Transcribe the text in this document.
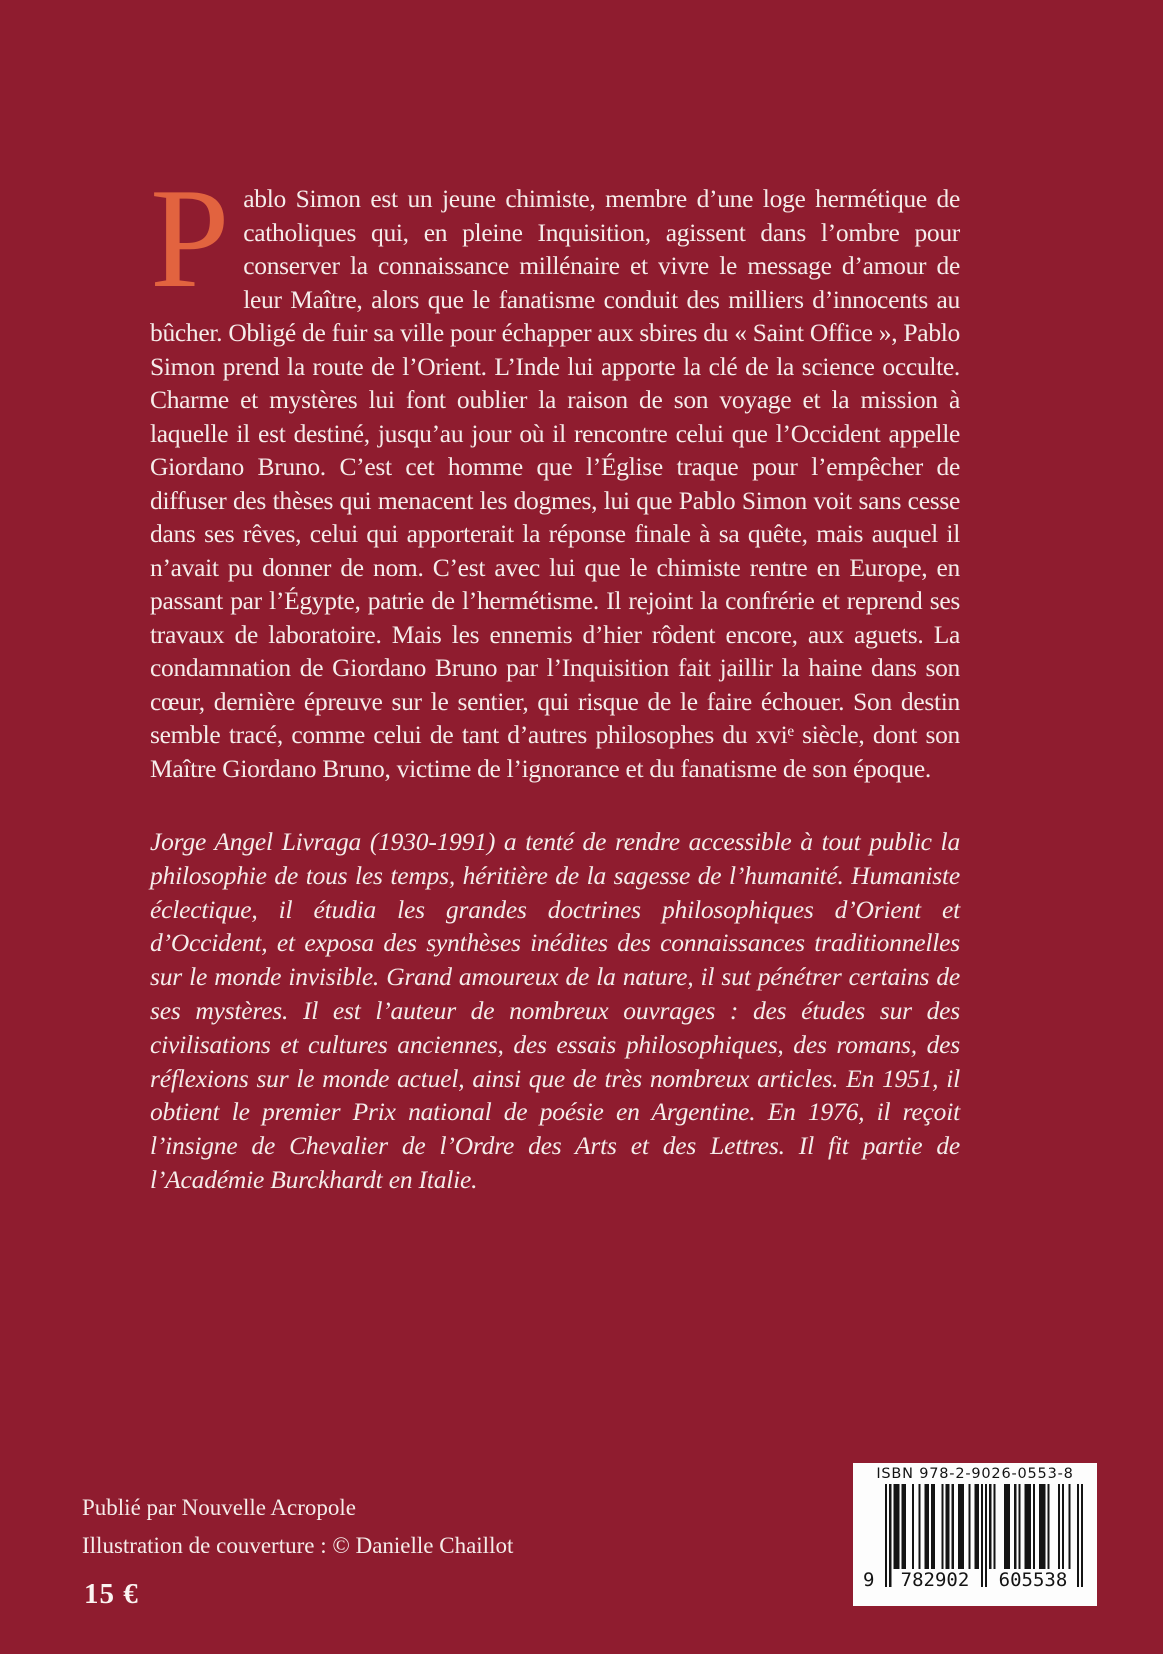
Pablo Simon est un jeune chimiste, membre d’une loge hermétique de catholiques qui, en pleine Inquisition, agissent dans l’ombre pour conserver la connaissance millénaire et vivre le message d’amour de leur Maître, alors que le fanatisme conduit des milliers d’innocents au bûcher. Obligé de fuir sa ville pour échapper aux sbires du « Saint Office », Pablo Simon prend la route de l’Orient. L’Inde lui apporte la clé de la science occulte. Charme et mystères lui font oublier la raison de son voyage et la mission à laquelle il est destiné, jusqu’au jour où il rencontre celui que l’Occident appelle Giordano Bruno. C’est cet homme que l’Église traque pour l’empêcher de diffuser des thèses qui menacent les dogmes, lui que Pablo Simon voit sans cesse dans ses rêves, celui qui apporterait la réponse finale à sa quête, mais auquel il n’avait pu donner de nom. C’est avec lui que le chimiste rentre en Europe, en passant par l’Égypte, patrie de l’hermétisme. Il rejoint la confrérie et reprend ses travaux de laboratoire. Mais les ennemis d’hier rôdent encore, aux aguets. La condamnation de Giordano Bruno par l’Inquisition fait jaillir la haine dans son cœur, dernière épreuve sur le sentier, qui risque de le faire échouer. Son destin semble tracé, comme celui de tant d’autres philosophes du xviᵉ siècle, dont son Maître Giordano Bruno, victime de l’ignorance et du fanatisme de son époque.

Jorge Angel Livraga (1930-1991) a tenté de rendre accessible à tout public la philosophie de tous les temps, héritière de la sagesse de l’humanité. Humaniste éclectique, il étudia les grandes doctrines philosophiques d’Orient et d’Occident, et exposa des synthèses inédites des connaissances traditionnelles sur le monde invisible. Grand amoureux de la nature, il sut pénétrer certains de ses mystères. Il est l’auteur de nombreux ouvrages : des études sur des civilisations et cultures anciennes, des essais philosophiques, des romans, des réflexions sur le monde actuel, ainsi que de très nombreux articles. En 1951, il obtient le premier Prix national de poésie en Argentine. En 1976, il reçoit l’insigne de Chevalier de l’Ordre des Arts et des Lettres. Il fit partie de l’Académie Burckhardt en Italie.

Publié par Nouvelle Acropole
Illustration de couverture : © Danielle Chaillot
15 €
ISBN 978-2-9026-0553-8
9	782902	605538
